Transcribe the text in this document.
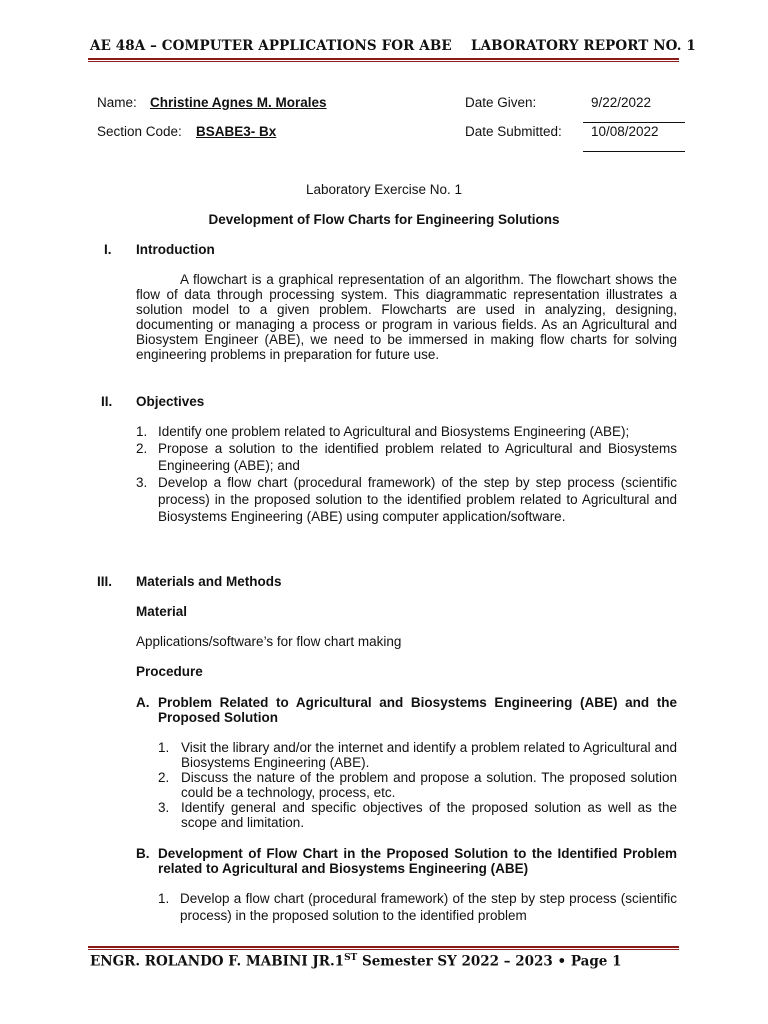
AE 48A – COMPUTER APPLICATIONS FOR ABE LABORATORY REPORT NO. 1
Name: Christine Agnes M. Morales	Date Given:	9/22/2022
Section Code: BSABE3- Bx	Date Submitted: 10/08/2022
Laboratory Exercise No. 1
Development of Flow Charts for Engineering Solutions
I. Introduction
A flowchart is a graphical representation of an algorithm. The flowchart shows the flow of data through processing system. This diagrammatic representation illustrates a solution model to a given problem. Flowcharts are used in analyzing, designing, documenting or managing a process or program in various fields. As an Agricultural and Biosystem Engineer (ABE), we need to be immersed in making flow charts for solving engineering problems in preparation for future use.
II. Objectives
1. Identify one problem related to Agricultural and Biosystems Engineering (ABE);
2. Propose a solution to the identified problem related to Agricultural and Biosystems Engineering (ABE); and
3. Develop a flow chart (procedural framework) of the step by step process (scientific process) in the proposed solution to the identified problem related to Agricultural and Biosystems Engineering (ABE) using computer application/software.
III. Materials and Methods
Material
Applications/software’s for flow chart making
Procedure
A. Problem Related to Agricultural and Biosystems Engineering (ABE) and the Proposed Solution
1. Visit the library and/or the internet and identify a problem related to Agricultural and Biosystems Engineering (ABE).
2. Discuss the nature of the problem and propose a solution. The proposed solution could be a technology, process, etc.
3. Identify general and specific objectives of the proposed solution as well as the scope and limitation.
B. Development of Flow Chart in the Proposed Solution to the Identified Problem related to Agricultural and Biosystems Engineering (ABE)
1. Develop a flow chart (procedural framework) of the step by step process (scientific process) in the proposed solution to the identified problem
ENGR. ROLANDO F. MABINI JR.1ST Semester SY 2022 – 2023 • Page 1
